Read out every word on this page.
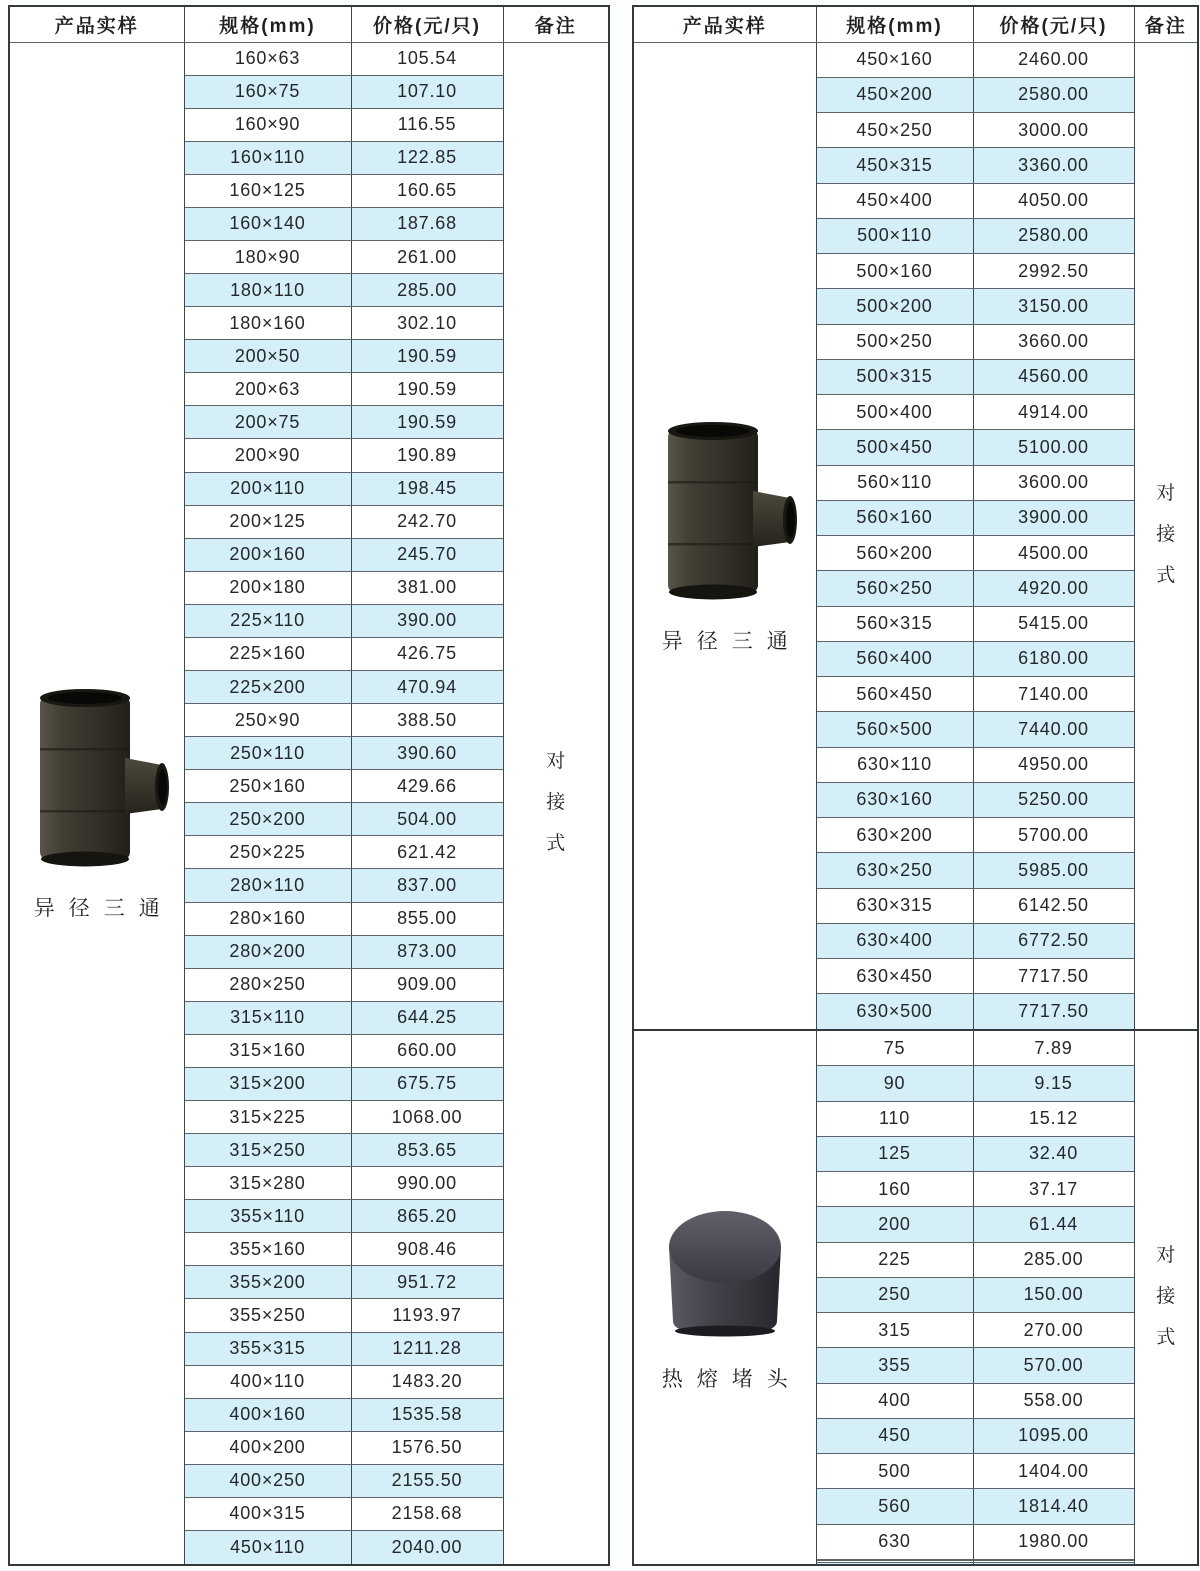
产品实样	规格(mm)	价格(元/只)	备注

异径三通	160×63	105.54	对接式

	160×75	107.10	
	160×90	116.55	
	160×110	122.85	
	160×125	160.65	
	160×140	187.68	
	180×90	261.00	
	180×110	285.00	
	180×160	302.10	
	200×50	190.59	
	200×63	190.59	
	200×75	190.59	
	200×90	190.89	
	200×110	198.45	
	200×125	242.70	
	200×160	245.70	
	200×180	381.00	
	225×110	390.00	
	225×160	426.75	
	225×200	470.94	
	250×90	388.50	
	250×110	390.60	
	250×160	429.66	
	250×200	504.00	
	250×225	621.42	
	280×110	837.00	
	280×160	855.00	
	280×200	873.00	
	280×250	909.00	
	315×110	644.25	
	315×160	660.00	
	315×200	675.75	
	315×225	1068.00	
	315×250	853.65	
	315×280	990.00	
	355×110	865.20	
	355×160	908.46	
	355×200	951.72	
	355×250	1193.97	
	355×315	1211.28	
	400×110	1483.20	
	400×160	1535.58	
	400×200	1576.50	
	400×250	2155.50	
	400×315	2158.68	
	450×110	2040.00	
产品实样	规格(mm)	价格(元/只)	备注

异径三通	450×160	2460.00	对接式

	450×200	2580.00	
	450×250	3000.00	
	450×315	3360.00	
	450×400	4050.00	
	500×110	2580.00	
	500×160	2992.50	
	500×200	3150.00	
	500×250	3660.00	
	500×315	4560.00	
	500×400	4914.00	
	500×450	5100.00	
	560×110	3600.00	
	560×160	3900.00	
	560×200	4500.00	
	560×250	4920.00	
	560×315	5415.00	
	560×400	6180.00	
	560×450	7140.00	
	560×500	7440.00	
	630×110	4950.00	
	630×160	5250.00	
	630×200	5700.00	
	630×250	5985.00	
	630×315	6142.50	
	630×400	6772.50	
	630×450	7717.50	
	630×500	7717.50	

热熔堵头	75	7.89	对接式

	90	9.15	
	110	15.12	
	125	32.40	
	160	37.17	
	200	61.44	
	225	285.00	
	250	150.00	
	315	270.00	
	355	570.00	
	400	558.00	
	450	1095.00	
	500	1404.00	
	560	1814.40	
	630	1980.00	
